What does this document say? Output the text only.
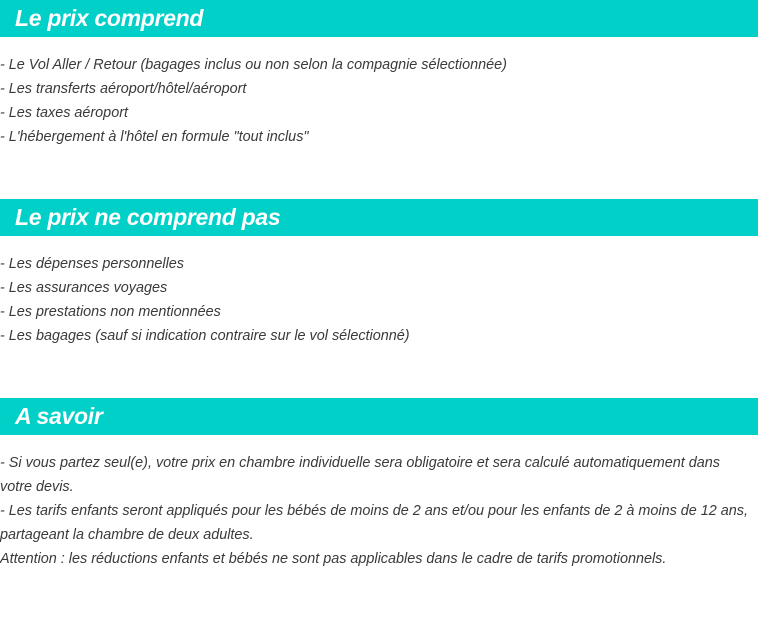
Le prix comprend
- Le Vol Aller / Retour (bagages inclus ou non selon la compagnie sélectionnée)
- Les transferts aéroport/hôtel/aéroport
- Les taxes aéroport
- L'hébergement à l'hôtel en formule "tout inclus"
Le prix ne comprend pas
- Les dépenses personnelles
- Les assurances voyages
- Les prestations non mentionnées
- Les bagages (sauf si indication contraire sur le vol sélectionné)
A savoir
- Si vous partez seul(e), votre prix en chambre individuelle sera obligatoire et sera calculé automatiquement dans votre devis.
- Les tarifs enfants seront appliqués pour les bébés de moins de 2 ans et/ou pour les enfants de 2 à moins de 12 ans, partageant la chambre de deux adultes.
Attention : les réductions enfants et bébés ne sont pas applicables dans le cadre de tarifs promotionnels.
